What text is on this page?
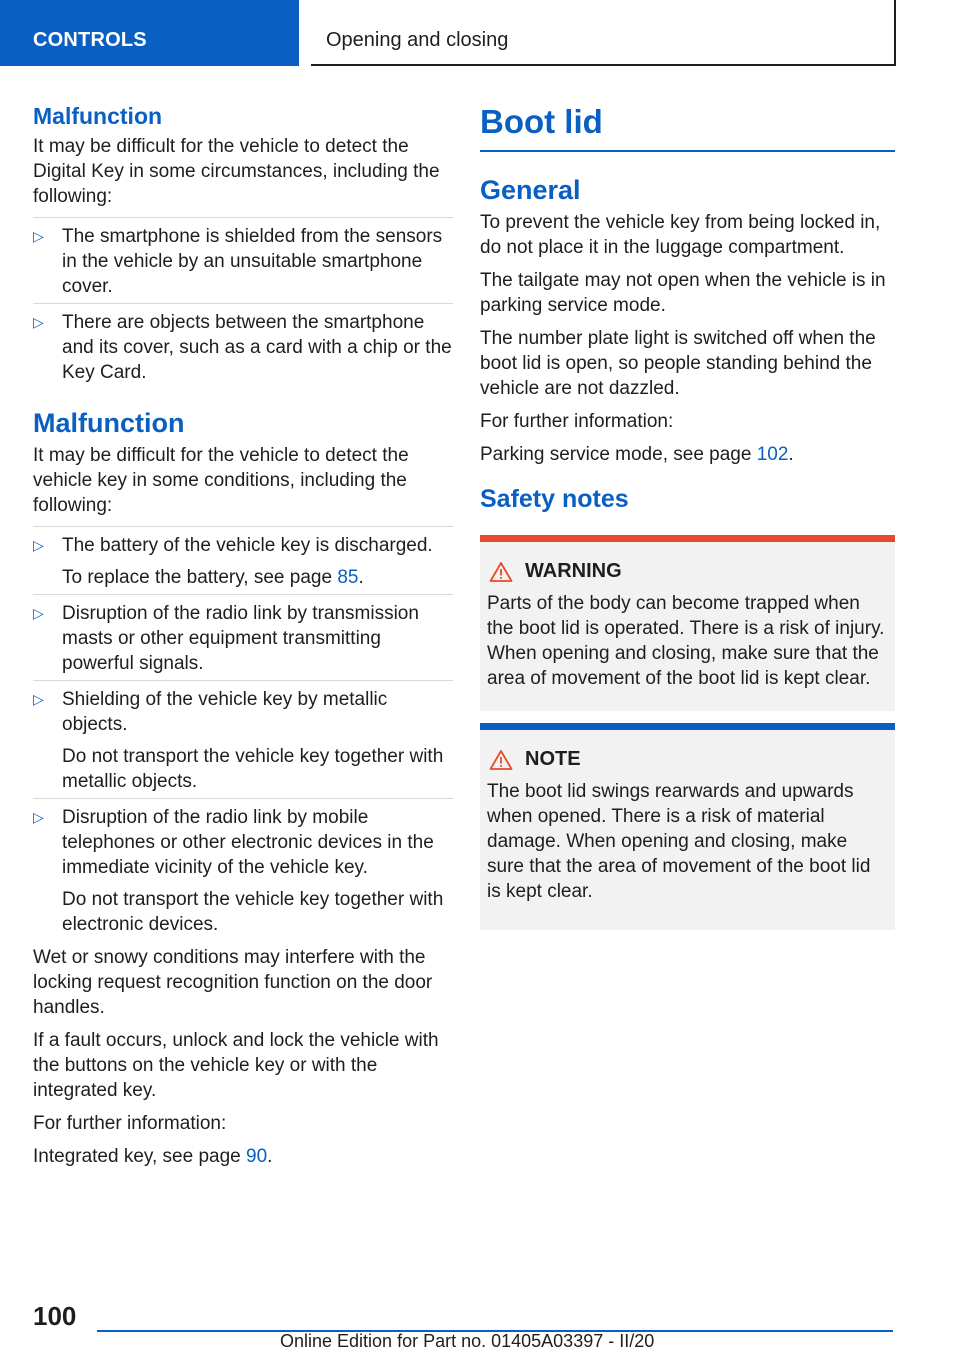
CONTROLS	Opening and closing
Malfunction

It may be difficult for the vehicle to detect the Digital Key in some circumstances, including the following:

▷ The smartphone is shielded from the sensors in the vehicle by an unsuitable smartphone cover.
▷ There are objects between the smartphone and its cover, such as a card with a chip or the Key Card.
Malfunction

It may be difficult for the vehicle to detect the vehicle key in some conditions, including the following:

▷ The battery of the vehicle key is discharged.
To replace the battery, see page 85.
▷ Disruption of the radio link by transmission masts or other equipment transmitting powerful signals.
▷ Shielding of the vehicle key by metallic objects.
Do not transport the vehicle key together with metallic objects.
▷ Disruption of the radio link by mobile telephones or other electronic devices in the immediate vicinity of the vehicle key.
Do not transport the vehicle key together with electronic devices.

Wet or snowy conditions may interfere with the locking request recognition function on the door handles.

If a fault occurs, unlock and lock the vehicle with the buttons on the vehicle key or with the integrated key.

For further information:

Integrated key, see page 90.

Boot lid
General

To prevent the vehicle key from being locked in, do not place it in the luggage compartment.

The tailgate may not open when the vehicle is in parking service mode.

The number plate light is switched off when the boot lid is open, so people standing behind the vehicle are not dazzled.

For further information:

Parking service mode, see page 102.

Safety notes
WARNING

Parts of the body can become trapped when the boot lid is operated. There is a risk of injury. When opening and closing, make sure that the area of movement of the boot lid is kept clear.

NOTE

The boot lid swings rearwards and upwards when opened. There is a risk of material damage. When opening and closing, make sure that the area of movement of the boot lid is kept clear.

100
Online Edition for Part no. 01405A03397 - II/20
